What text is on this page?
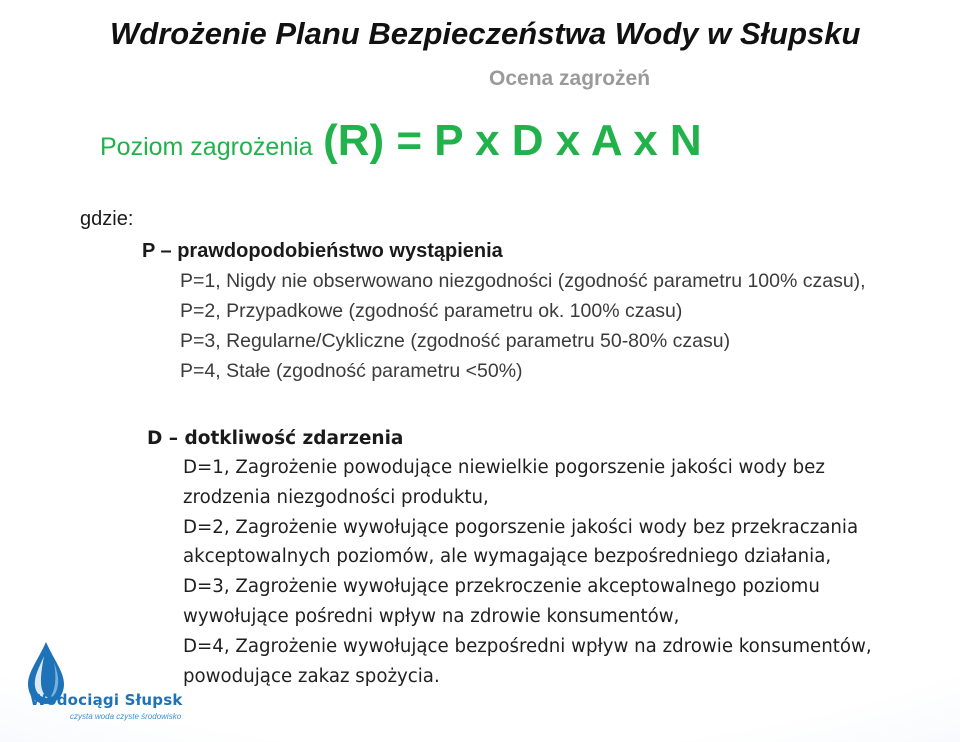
Wdrożenie Planu Bezpieczeństwa Wody w Słupsku
Ocena zagrożeń
Poziom zagrożenia (R) = P x D x A x N
gdzie:
P – prawdopodobieństwo wystąpienia
P=1, Nigdy nie obserwowano niezgodności (zgodność parametru 100% czasu),
P=2, Przypadkowe (zgodność parametru ok. 100% czasu)
P=3, Regularne/Cykliczne (zgodność parametru 50-80% czasu)
P=4, Stałe (zgodność parametru <50%)
D – dotkliwość zdarzenia
D=1, Zagrożenie powodujące niewielkie pogorszenie jakości wody bez
zrodzenia niezgodności produktu,
D=2, Zagrożenie wywołujące pogorszenie jakości wody bez przekraczania
akceptowalnych poziomów, ale wymagające bezpośredniego działania,
D=3, Zagrożenie wywołujące przekroczenie akceptowalnego poziomu
wywołujące pośredni wpływ na zdrowie konsumentów,
D=4, Zagrożenie wywołujące bezpośredni wpływ na zdrowie konsumentów,
powodujące zakaz spożycia.
Wodociągi Słupsk
czysta woda czyste środowisko
